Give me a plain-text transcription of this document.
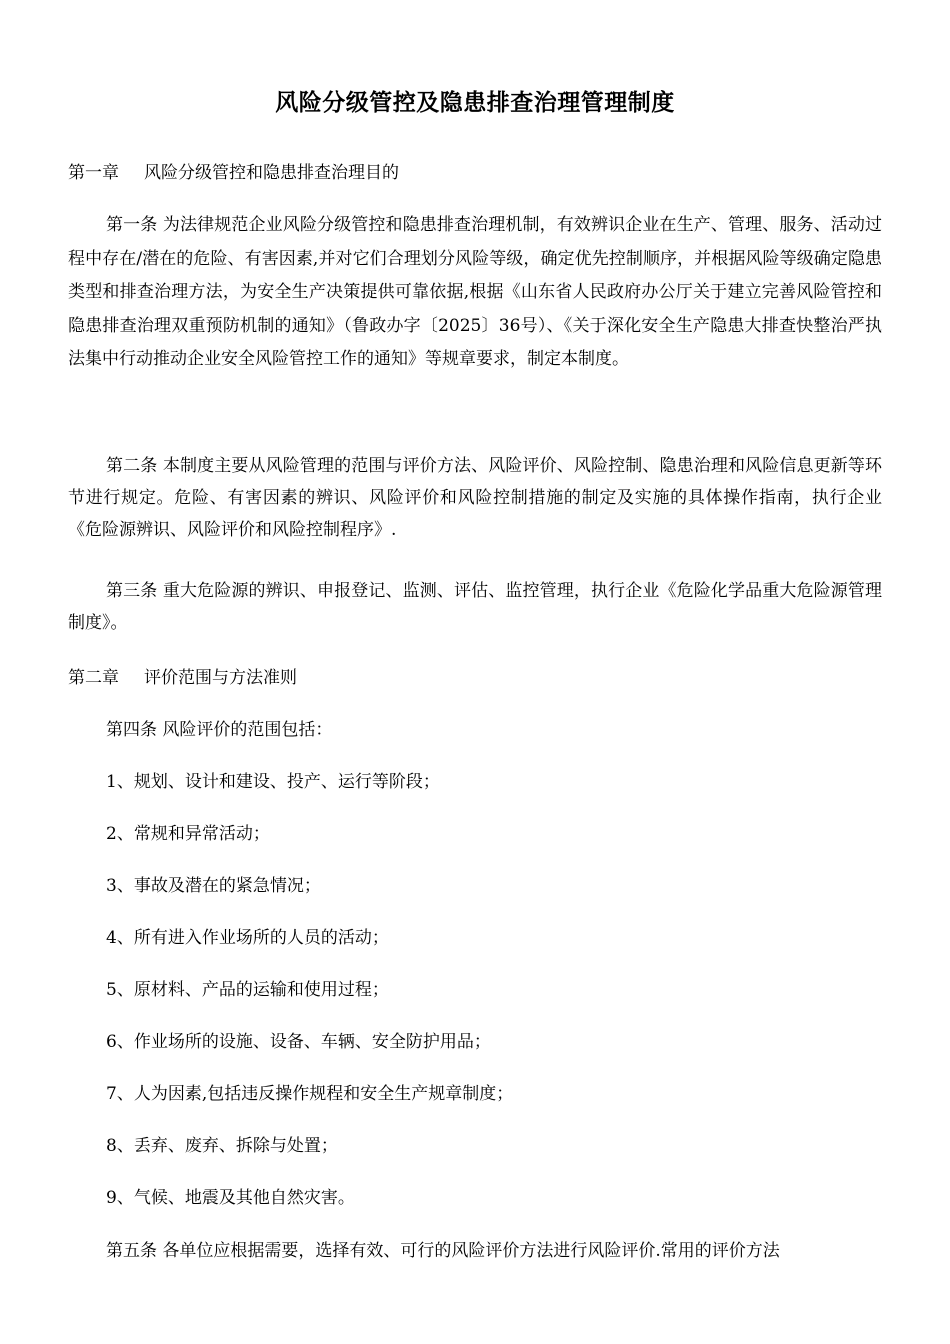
风险分级管控及隐患排查治理管理制度
第一章 风险分级管控和隐患排查治理目的
第一条 为法律规范企业风险分级管控和隐患排查治理机制，有效辨识企业在生产、管理、服务、活动过程中存在/潜在的危险、有害因素,并对它们合理划分风险等级，确定优先控制顺序，并根据风险等级确定隐患类型和排查治理方法，为安全生产决策提供可靠依据,根据《山东省人民政府办公厅关于建立完善风险管控和隐患排查治理双重预防机制的通知》（鲁政办字〔2025〕36号）、《关于深化安全生产隐患大排查快整治严执法集中行动推动企业安全风险管控工作的通知》等规章要求，制定本制度。
第二条 本制度主要从风险管理的范围与评价方法、风险评价、风险控制、隐患治理和风险信息更新等环节进行规定。危险、有害因素的辨识、风险评价和风险控制措施的制定及实施的具体操作指南，执行企业《危险源辨识、风险评价和风险控制程序》.
第三条 重大危险源的辨识、申报登记、监测、评估、监控管理，执行企业《危险化学品重大危险源管理制度》。
第二章 评价范围与方法准则
第四条 风险评价的范围包括：
1、规划、设计和建设、投产、运行等阶段；
2、常规和异常活动；
3、事故及潜在的紧急情况；
4、所有进入作业场所的人员的活动；
5、原材料、产品的运输和使用过程；
6、作业场所的设施、设备、车辆、安全防护用品；
7、人为因素,包括违反操作规程和安全生产规章制度；
8、丢弃、废弃、拆除与处置；
9、气候、地震及其他自然灾害。
第五条 各单位应根据需要，选择有效、可行的风险评价方法进行风险评价.常用的评价方法
